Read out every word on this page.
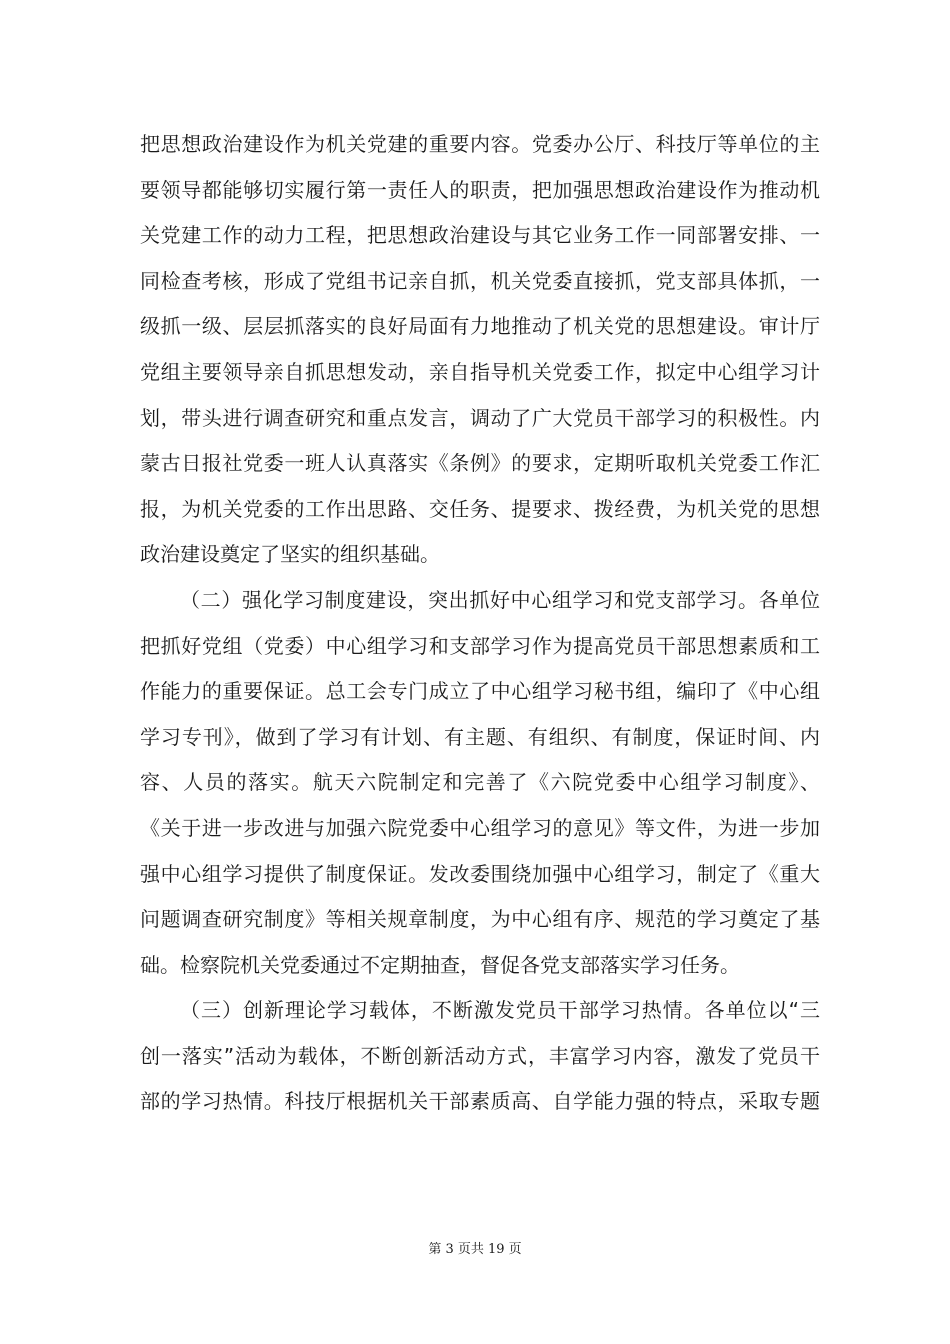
把思想政治建设作为机关党建的重要内容。党委办公厅、科技厅等单位的主
要领导都能够切实履行第一责任人的职责，把加强思想政治建设作为推动机
关党建工作的动力工程，把思想政治建设与其它业务工作一同部署安排、一
同检查考核，形成了党组书记亲自抓，机关党委直接抓，党支部具体抓，一
级抓一级、层层抓落实的良好局面有力地推动了机关党的思想建设。审计厅
党组主要领导亲自抓思想发动，亲自指导机关党委工作，拟定中心组学习计
划，带头进行调查研究和重点发言，调动了广大党员干部学习的积极性。内
蒙古日报社党委一班人认真落实《条例》的要求，定期听取机关党委工作汇
报，为机关党委的工作出思路、交任务、提要求、拨经费，为机关党的思想
政治建设奠定了坚实的组织基础。
（二）强化学习制度建设，突出抓好中心组学习和党支部学习。各单位
把抓好党组（党委）中心组学习和支部学习作为提高党员干部思想素质和工
作能力的重要保证。总工会专门成立了中心组学习秘书组，编印了《中心组
学习专刊》，做到了学习有计划、有主题、有组织、有制度，保证时间、内
容、人员的落实。航天六院制定和完善了《六院党委中心组学习制度》、
《关于进一步改进与加强六院党委中心组学习的意见》等文件，为进一步加
强中心组学习提供了制度保证。发改委围绕加强中心组学习，制定了《重大
问题调查研究制度》等相关规章制度，为中心组有序、规范的学习奠定了基
础。检察院机关党委通过不定期抽查，督促各党支部落实学习任务。
（三）创新理论学习载体，不断激发党员干部学习热情。各单位以“三
创一落实”活动为载体，不断创新活动方式，丰富学习内容，激发了党员干
部的学习热情。科技厅根据机关干部素质高、自学能力强的特点，采取专题
第 3 页共 19 页
